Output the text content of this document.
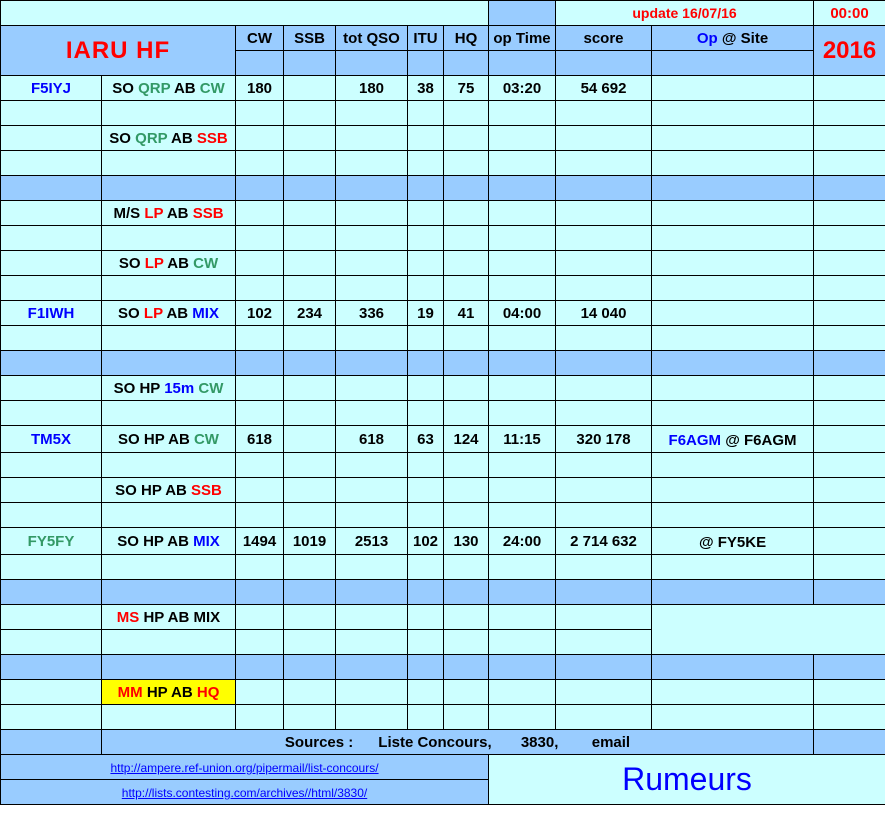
								update 16/07/16		00:00
IARU HF		CW	SSB	tot QSO	ITU	HQ	op Time	score	Op @ Site	2016

F5IYJ	SO QRP AB CW	180		180	38	75	03:20	54 692		

	SO QRP AB SSB									

	M/S LP AB SSB									

	SO LP AB CW									

F1IWH	SO LP AB MIX	102	234	336	19	41	04:00	14 040		

	SO HP 15m CW									

TM5X	SO HP AB CW	618		618	63	124	11:15	320 178	F6AGM @ F6AGM	

	SO HP AB SSB									

FY5FY	SO HP AB MIX	1494	1019	2513	102	130	24:00	2 714 632	@ FY5KE	

	MS HP AB MIX									

	MM HP AB HQ									

	Sources : Liste Concours, 3830, email									
http://ampere.ref-union.org/pipermail/list-concours/							Rumeurs			
http://lists.contesting.com/archives//html/3830/										
